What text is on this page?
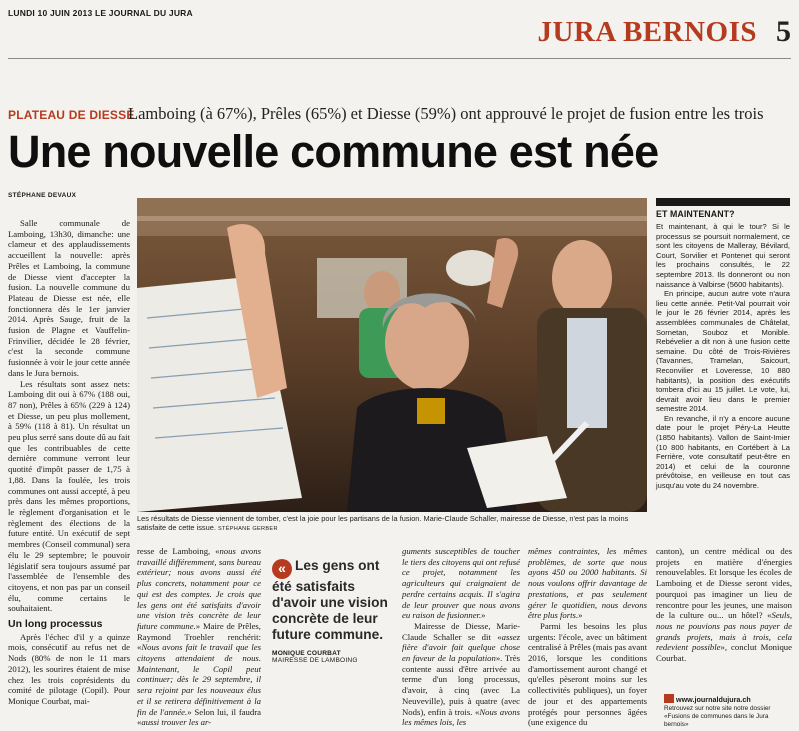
LUNDI 10 JUIN 2013 LE JOURNAL DU JURA
JURA BERNOIS 5
PLATEAU DE DIESSE
Lamboing (à 67%), Prêles (65%) et Diesse (59%) ont approuvé le projet de fusion entre les trois
Une nouvelle commune est née
STÉPHANE DEVAUX

Salle communale de Lamboing, 13h30, dimanche: une clameur et des applaudissements accueillent la nouvelle: après Prêles et Lamboing, la commune de Diesse vient d'accepter la fusion. La nouvelle commune du Plateau de Diesse est née, elle fonctionnera dès le 1er janvier 2014. Après Sauge, fruit de la fusion de Plagne et Vauffelin-Frinvilier, décidée le 28 février, c'est la seconde commune fusionnée à voir le jour cette année dans le Jura bernois.

Les résultats sont assez nets: Lamboing dit oui à 67% (188 oui, 87 non), Prêles à 65% (229 à 124) et Diesse, un peu plus mollement, à 59% (118 à 81). Un résultat un peu plus serré sans doute dû au fait que les contribuables de cette dernière commune verront leur quotité d'impôt passer de 1,75 à 1,88. Dans la foulée, les trois communes ont aussi accepté, à peu près dans les mêmes proportions, le règlement d'organisation et le règlement des élections de la future entité. Un exécutif de sept membres (Conseil communal) sera élu le 29 septembre; le pouvoir législatif sera toujours assumé par l'assemblée de l'ensemble des citoyens, et non pas par un conseil élu, comme certains le souhaitaient.

Un long processus

Après l'échec d'il y a quinze mois, consécutif au refus net de Nods (80% de non le 11 mars 2012), les sourires étaient de mise chez les trois coprésidents du comité de pilotage (Copil). Pour Monique Courbat, mai-

Les résultats de Diesse viennent de tomber, c'est la joie pour les partisans de la fusion. Marie-Claude Schaller, mairesse de Diesse, n'est pas la moins satisfaite de cette issue. STÉPHANE GERBER

resse de Lamboing, «nous avons travaillé différemment, sans bureau extérieur; nous avons aussi été plus concrets, notamment pour ce qui est des comptes. Je crois que les gens ont été satisfaits d'avoir une vision très concrète de leur future commune.» Maire de Prêles, Raymond Troehler renchérit: «Nous avons fait le travail que les citoyens attendaient de nous. Maintenant, le Copil peut continuer; dès le 29 septembre, il sera rejoint par les nouveaux élus et il se retirera définitivement à la fin de l'année.» Selon lui, il faudra «aussi trouver les ar-

« Les gens ont été satisfaits d'avoir une vision concrète de leur future commune.
MONIQUE COURBAT
MAIRESSE DE LAMBOING

guments susceptibles de toucher le tiers des citoyens qui ont refusé ce projet, notamment les agriculteurs qui craignaient de perdre certains acquis. Il s'agira de leur prouver que nous avons eu raison de fusionner.»

Mairesse de Diesse, Marie-Claude Schaller se dit «assez fière d'avoir fait quelque chose en faveur de la population». Très contente aussi d'être arrivée au terme d'un long processus, d'avoir, à cinq (avec La Neuveville), puis à quatre (avec Nods), enfin à trois. «Nous avons les mêmes lois, les

mêmes contraintes, les mêmes problèmes, de sorte que nous ayons 450 ou 2000 habitants. Si nous voulons offrir davantage de prestations, et pas seulement gérer le quotidien, nous devons être plus forts.»

Parmi les besoins les plus urgents: l'école, avec un bâtiment centralisé à Prêles (mais pas avant 2016, lorsque les conditions d'amortissement auront changé et qu'elles pèseront moins sur les collectivités publiques), un foyer de jour et des appartements protégés pour personnes âgées (une exigence du

canton), un centre médical ou des projets en matière d'énergies renouvelables. Et lorsque les écoles de Lamboing et de Diesse seront vides, pourquoi pas imaginer un lieu de rencontre pour les jeunes, une maison de la culture ou... un hôtel? «Seuls, nous ne pouvions pas nous payer de grands projets, mais à trois, cela redevient possible», conclut Monique Courbat.

ET MAINTENANT?

Et maintenant, à qui le tour? Si le processus se poursuit normalement, ce sont les citoyens de Malleray, Bévilard, Court, Sorvilier et Pontenet qui seront les prochains consultés, le 22 septembre 2013. Ils donneront ou non naissance à Valbirse (5600 habitants).

En principe, aucun autre vote n'aura lieu cette année. Petit-Val pourrait voir le jour le 26 février 2014, après les assemblées communales de Châtelat, Sornetan, Souboz et Monible. Rebévelier a dit non à une fusion cette semaine. Du côté de Trois-Rivières (Tavannes, Tramelan, Saicourt, Reconvilier et Loveresse, 10 880 habitants), la position des exécutifs tombera d'ici au 15 juillet. Le vote, lui, devrait avoir lieu dans le premier semestre 2014.

En revanche, il n'y a encore aucune date pour le projet Péry-La Heutte (1850 habitants). Vallon de Saint-Imier (10 800 habitants, en Cortébert à La Ferrière, vote consultatif peut-être en 2014) et celui de la couronne prévôtoise, en veilleuse en tout cas jusqu'au vote du 24 novembre.

www.journaldujura.ch
Retrouvez sur notre site notre dossier
«Fusions de communes dans le Jura bernois»
